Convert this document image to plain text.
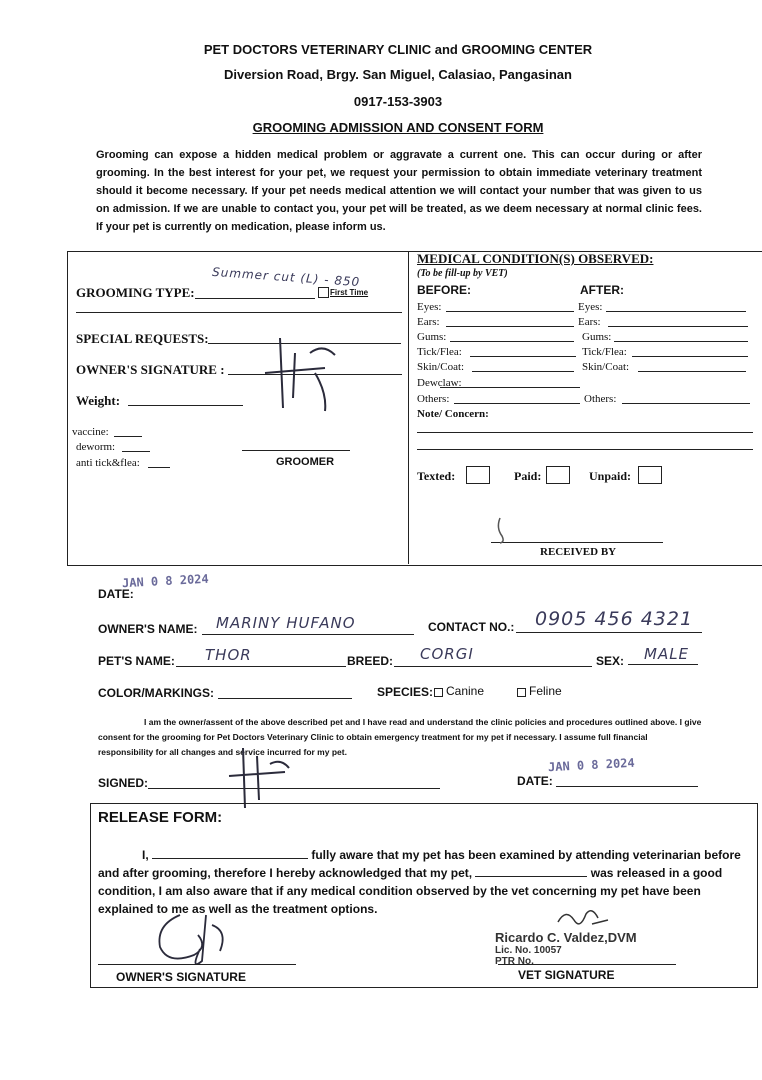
PET DOCTORS VETERINARY CLINIC and GROOMING CENTER
Diversion Road, Brgy. San Miguel, Calasiao, Pangasinan
0917-153-3903
GROOMING ADMISSION AND CONSENT FORM
Grooming can expose a hidden medical problem or aggravate a current one. This can occur during or after grooming. In the best interest for your pet, we request your permission to obtain immediate veterinary treatment should it become necessary. If your pet needs medical attention we will contact your number that was given to us on admission. If we are unable to contact you, your pet will be treated, as we deem necessary at normal clinic fees. If your pet is currently on medication, please inform us.
GROOMING TYPE:
Summer cut (L) - 850
First Time
SPECIAL REQUESTS:
OWNER'S SIGNATURE :
Weight:
vaccine:
deworm:
anti tick&flea:	GROOMER
MEDICAL CONDITION(S) OBSERVED:
(To be fill-up by VET)
BEFORE:	AFTER:
Eyes:	Eyes:
Ears:	Ears:
Gums:	Gums:
Tick/Flea:	Tick/Flea:
Skin/Coat:	Skin/Coat:
Dewclaw:
Others:	Others:
Note/ Concern:
Texted:	Paid:	Unpaid:
RECEIVED BY
DATE:
JAN 0 8 2024
OWNER'S NAME: MARINY HUFANO	CONTACT NO.: 0905 456 4321
PET'S NAME: THOR	BREED: CORGI	SEX: MALE
COLOR/MARKINGS:	SPECIES: Canine	Feline
I am the owner/assent of the above described pet and I have read and understand the clinic policies and procedures outlined above. I give consent for the grooming for Pet Doctors Veterinary Clinic to obtain emergency treatment for my pet if necessary. I assume full financial responsibility for all changes and service incurred for my pet.
SIGNED:	DATE:
JAN 0 8 2024
RELEASE FORM:
I,	fully aware that my pet has been examined by attending veterinarian before and after grooming, therefore I hereby acknowledged that my pet,	was released in a good condition, I am also aware that if any medical condition observed by the vet concerning my pet have been explained to me as well as the treatment options.
OWNER'S SIGNATURE
Ricardo C. Valdez,DVM
Lic. No. 10057
PTR No.
VET SIGNATURE
